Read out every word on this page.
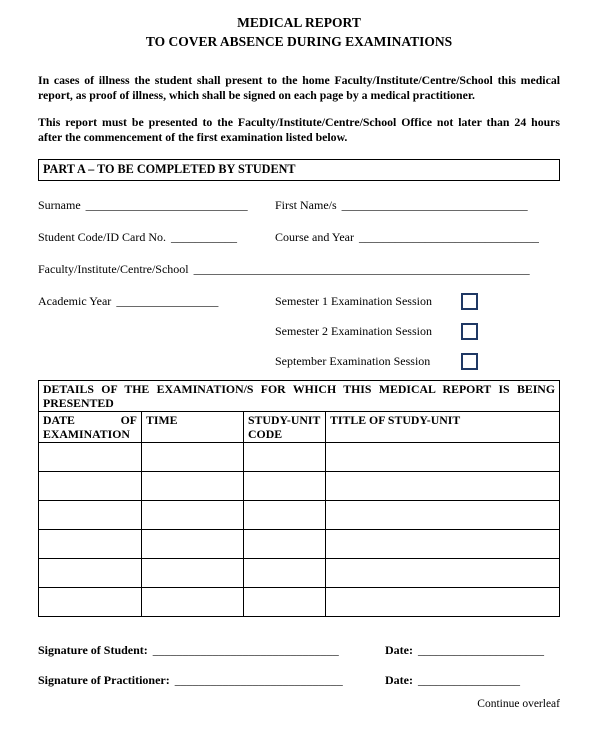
MEDICAL REPORT
TO COVER ABSENCE DURING EXAMINATIONS

In cases of illness the student shall present to the home Faculty/Institute/Centre/School this medical report, as proof of illness, which shall be signed on each page by a medical practitioner.

This report must be presented to the Faculty/Institute/Centre/School Office not later than 24 hours after the commencement of the first examination listed below.

PART A – TO BE COMPLETED BY STUDENT
Surname ___________________________	First Name/s _______________________________
Student Code/ID Card No. ___________	Course and Year ______________________________
Faculty/Institute/Centre/School ________________________________________________________
Academic Year _________________	Semester 1 Examination Session
Semester 2 Examination Session
September Examination Session
DETAILS OF THE EXAMINATION/S FOR WHICH THIS MEDICAL REPORT IS BEING PRESENTED			
DATE OF EXAMINATION	TIME	STUDY-UNIT CODE	TITLE OF STUDY-UNIT

Signature of Student: _______________________________	Date: _____________________
Signature of Practitioner: ____________________________	Date: _________________
Continue overleaf
